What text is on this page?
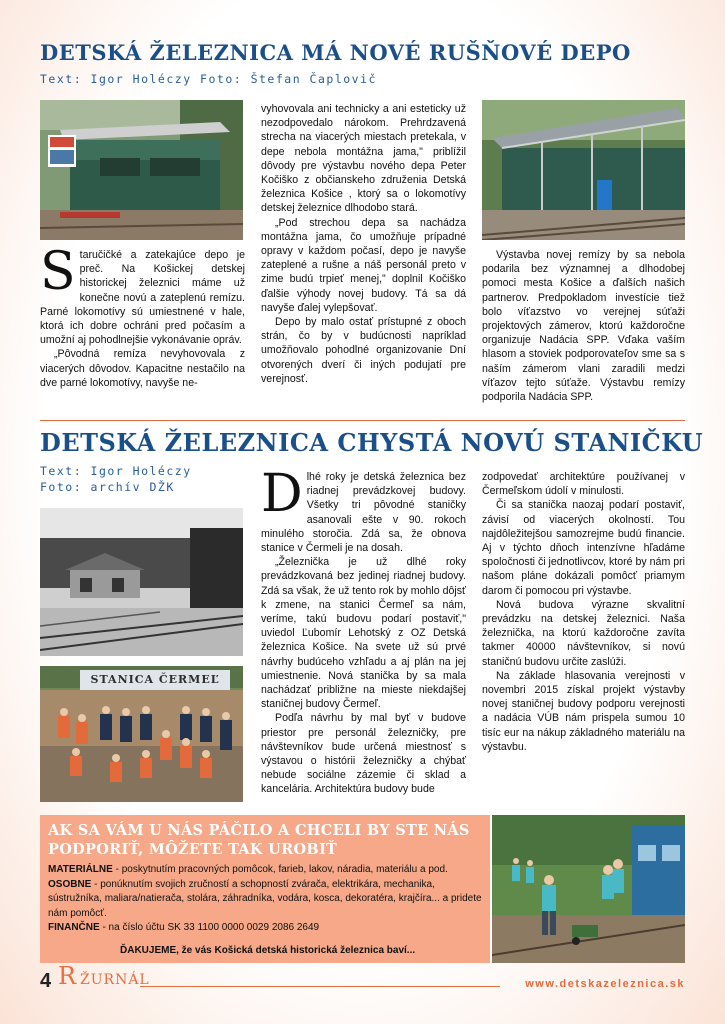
DETSKÁ ŽELEZNICA MÁ NOVÉ RUŠŇOVÉ DEPO
Text: Igor Holéczy Foto: Štefan Čaplovič
S taručičké a zatekajúce depo je preč. Na Košickej detskej historickej železnici máme už konečne novú a zateplenú remízu. Parné lokomotívy sú umiestnené v hale, ktorá ich dobre ochráni pred počasím a umožní aj pohodlnejšie vykonávanie opráv.

„Pôvodná remíza nevyhovovala z viacerých dôvodov. Kapacitne nestačilo na dve parné lokomotívy, navyše ne-

vyhovovala ani technicky a ani esteticky už nezodpovedalo nárokom. Prehrdzavená strecha na viacerých miestach pretekala, v depe nebola montážna jama," priblížil dôvody pre výstavbu nového depa Peter Kočiško z občianskeho združenia Detská železnica Košice , ktorý sa o lokomotívy detskej železnice dlhodobo stará.

„Pod strechou depa sa nachádza montážna jama, čo umožňuje prípadné opravy v každom počasí, depo je navyše zateplené a rušne a náš personál preto v zime budú trpieť menej," doplnil Kočiško ďalšie výhody novej budovy. Tá sa dá navyše ďalej vylepšovať.

Depo by malo ostať prístupné z oboch strán, čo by v budúcnosti napríklad umožňovalo pohodlné organizovanie Dní otvorených dverí či iných podujatí pre verejnosť.

Výstavba novej remízy by sa nebola podarila bez významnej a dlhodobej pomoci mesta Košice a ďalších našich partnerov. Predpokladom investície tiež bolo víťazstvo vo verejnej súťaži projektových zámerov, ktorú každoročne organizuje Nadácia SPP. Vďaka vaším hlasom a stoviek podporovateľov sme sa s naším zámerom vlani zaradili medzi víťazov tejto súťaže. Výstavbu remízy podporila Nadácia SPP.

DETSKÁ ŽELEZNICA CHYSTÁ NOVÚ STANIČKU
Text: Igor Holéczy
Foto: archív DŽK
STANICA ČERMEĽ
D lhé roky je detská železnica bez riadnej prevádzkovej budovy. Všetky tri pôvodné staničky asanovali ešte v 90. rokoch minulého storočia. Zdá sa, že obnova stanice v Čermeli je na dosah.

„Železnička je už dlhé roky prevádzkovaná bez jedinej riadnej budovy. Zdá sa však, že už tento rok by mohlo dôjsť k zmene, na stanici Čermeľ sa nám, veríme, takú budovu podarí postaviť," uviedol Ľubomír Lehotský z OZ Detská železnica Košice. Na svete už sú prvé návrhy budúceho vzhľadu a aj plán na jej umiestnenie. Nová stanička by sa mala nachádzať približne na mieste niekdajšej staničnej budovy Čermeľ.

Podľa návrhu by mal byť v budove priestor pre personál železničky, pre návštevníkov bude určená miestnosť s výstavou o histórii železničky a chýbať nebude sociálne zázemie či sklad a kancelária. Architektúra budovy bude

zodpovedať architektúre používanej v Čermeľskom údolí v minulosti.

Či sa stanička naozaj podarí postaviť, závisí od viacerých okolností. Tou najdôležitejšou samozrejme budú financie. Aj v týchto dňoch intenzívne hľadáme spoločnosti či jednotlivcov, ktoré by nám pri našom pláne dokázali pomôcť priamym darom či pomocou pri výstavbe.

Nová budova výrazne skvalitní prevádzku na detskej železnici. Naša železnička, na ktorú každoročne zavíta takmer 40000 návštevníkov, si novú staničnú budovu určite zaslúži.

Na základe hlasovania verejnosti v novembri 2015 získal projekt výstavby novej staničnej budovy podporu verejnosti a nadácia VÚB nám prispela sumou 10 tisíc eur na nákup základného materiálu na výstavbu.

AK SA VÁM U NÁS PÁČILO A CHCELI BY STE NÁS PODPORIŤ, MÔŽETE TAK UROBIŤ
MATERIÁLNE - poskytnutím pracovných pomôcok, farieb, lakov, náradia, materiálu a pod.
OSOBNE - ponúknutím svojich zručností a schopností zvárača, elektrikára, mechanika, sústružníka, maliara/natierača, stolára, záhradníka, vodára, kosca, dekoratéra, krajčíra... a pridete nám pomôcť.
FINANČNE - na číslo účtu SK 33 1100 0000 0029 2086 2649
ĎAKUJEME, že vás Košická detská historická železnica baví...
4 R ŽURNÁL	www.detskazeleznica.sk
